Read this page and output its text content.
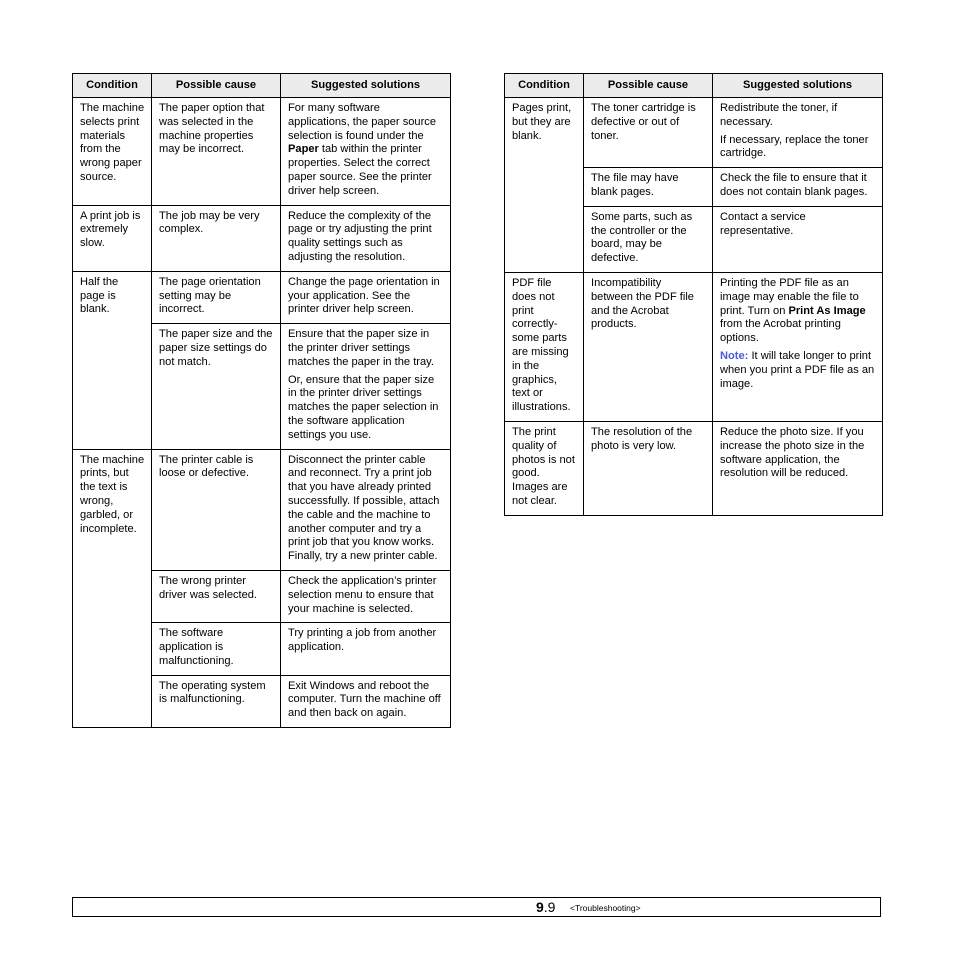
Condition	Possible cause	Suggested solutions

The machine selects print materials from the wrong paper source.	The paper option that was selected in the machine properties may be incorrect.	For many software applications, the paper source selection is found under the Paper tab within the printer properties. Select the correct paper source. See the printer driver help screen.

A print job is extremely slow.	The job may be very complex.	Reduce the complexity of the page or try adjusting the print quality settings such as adjusting the resolution.

Half the page is blank.	The page orientation setting may be incorrect.	Change the page orientation in your application. See the printer driver help screen.

	The paper size and the paper size settings do not match.	Ensure that the paper size in the printer driver settings matches the paper in the tray.

Or, ensure that the paper size in the printer driver settings matches the paper selection in the software application settings you use.

The machine prints, but the text is wrong, garbled, or incomplete.	The printer cable is loose or defective.	Disconnect the printer cable and reconnect. Try a print job that you have already printed successfully. If possible, attach the cable and the machine to another computer and try a print job that you know works. Finally, try a new printer cable.

	The wrong printer driver was selected.	Check the application’s printer selection menu to ensure that your machine is selected.

	The software application is malfunctioning.	Try printing a job from another application.

	The operating system is malfunctioning.	Exit Windows and reboot the computer. Turn the machine off and then back on again.

Condition	Possible cause	Suggested solutions

Pages print, but they are blank.	The toner cartridge is defective or out of toner.	Redistribute the toner, if necessary.

If necessary, replace the toner cartridge.

	The file may have blank pages.	Check the file to ensure that it does not contain blank pages.

	Some parts, such as the controller or the board, may be defective.	Contact a service representative.

PDF file does not print correctly-some parts are missing in the graphics, text or illustrations.	Incompatibility between the PDF file and the Acrobat products.	Printing the PDF file as an image may enable the file to print. Turn on Print As Image from the Acrobat printing options.

Note: It will take longer to print when you print a PDF file as an image.

The print quality of photos is not good. Images are not clear.	The resolution of the photo is very low.	Reduce the photo size. If you increase the photo size in the software application, the resolution will be reduced.

9.9 <Troubleshooting>
